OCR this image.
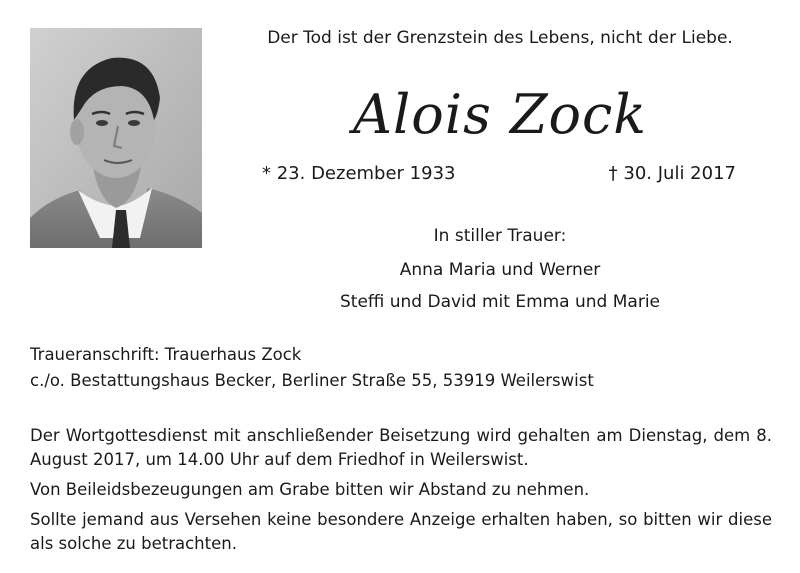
Der Tod ist der Grenzstein des Lebens, nicht der Liebe.
Alois Zock
* 23. Dezember 1933	† 30. Juli 2017
In stiller Trauer:
Anna Maria und Werner
Steffi und David mit Emma und Marie
Traueranschrift: Trauerhaus Zock
c./o. Bestattungshaus Becker, Berliner Straße 55, 53919 Weilerswist

Der Wortgottesdienst mit anschließender Beisetzung wird gehalten am Dienstag, dem 8. August 2017, um 14.00 Uhr auf dem Friedhof in Weilerswist.

Von Beileidsbezeugungen am Grabe bitten wir Abstand zu nehmen.

Sollte jemand aus Versehen keine besondere Anzeige erhalten haben, so bitten wir diese als solche zu betrachten.
